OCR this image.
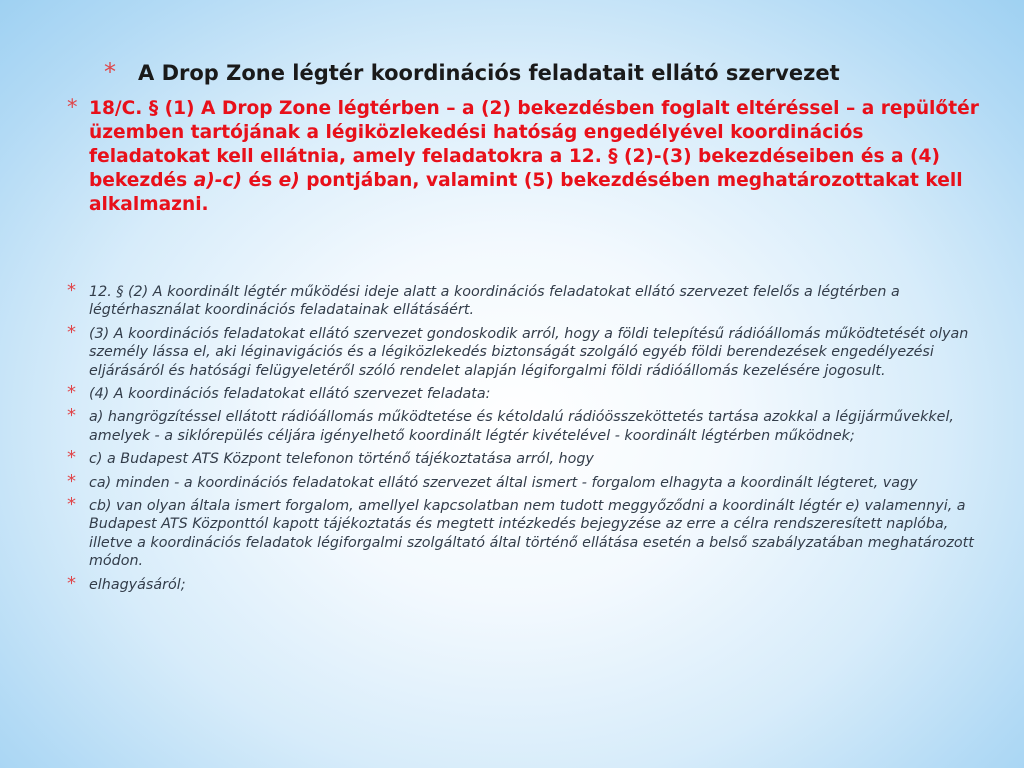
*	A Drop Zone légtér koordinációs feladatait ellátó szervezet
* 18/C. § (1) A Drop Zone légtérben – a (2) bekezdésben foglalt eltéréssel – a repülőtér üzemben tartójának a légiközlekedési hatóság engedélyével koordinációs feladatokat kell ellátnia, amely feladatokra a 12. § (2)-(3) bekezdéseiben és a (4) bekezdés a)-c) és e) pontjában, valamint (5) bekezdésében meghatározottakat kell alkalmazni.
* 12. § (2) A koordinált légtér működési ideje alatt a koordinációs feladatokat ellátó szervezet felelős a légtérben a légtérhasználat koordinációs feladatainak ellátásáért.
* (3) A koordinációs feladatokat ellátó szervezet gondoskodik arról, hogy a földi telepítésű rádióállomás működtetését olyan személy lássa el, aki léginavigációs és a légiközlekedés biztonságát szolgáló egyéb földi berendezések engedélyezési eljárásáról és hatósági felügyeletéről szóló rendelet alapján légiforgalmi földi rádióállomás kezelésére jogosult.
* (4) A koordinációs feladatokat ellátó szervezet feladata:
* a) hangrögzítéssel ellátott rádióállomás működtetése és kétoldalú rádióösszeköttetés tartása azokkal a légijárművekkel, amelyek - a siklórepülés céljára igényelhető koordinált légtér kivételével - koordinált légtérben működnek;
* c) a Budapest ATS Központ telefonon történő tájékoztatása arról, hogy
* ca) minden - a koordinációs feladatokat ellátó szervezet által ismert - forgalom elhagyta a koordinált légteret, vagy
* cb) van olyan általa ismert forgalom, amellyel kapcsolatban nem tudott meggyőződni a koordinált légtér e) valamennyi, a Budapest ATS Központtól kapott tájékoztatás és megtett intézkedés bejegyzése az erre a célra rendszeresített naplóba, illetve a koordinációs feladatok légiforgalmi szolgáltató által történő ellátása esetén a belső szabályzatában meghatározott módon.
* elhagyásáról;
